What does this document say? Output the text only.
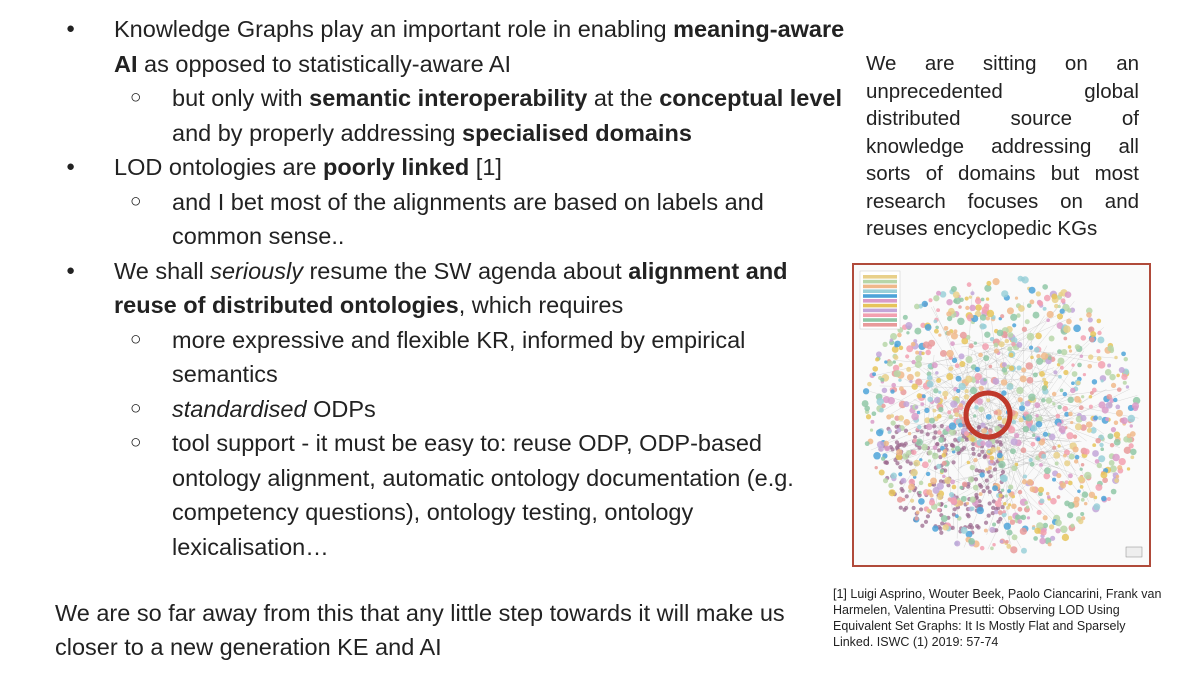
● Knowledge Graphs play an important role in enabling meaning-aware AI as opposed to statistically-aware AI
○ but only with semantic interoperability at the conceptual level and by properly addressing specialised domains
● LOD ontologies are poorly linked [1]
○ and I bet most of the alignments are based on labels and common sense..
● We shall seriously resume the SW agenda about alignment and reuse of distributed ontologies, which requires
○ more expressive and flexible KR, informed by empirical semantics
○ standardised ODPs
○ tool support - it must be easy to: reuse ODP, ODP-based ontology alignment, automatic ontology documentation (e.g. competency questions), ontology testing, ontology lexicalisation…
We are sitting on an unprecedented global distributed source of knowledge addressing all sorts of domains but most research focuses on and reuses encyclopedic KGs
[1] Luigi Asprino, Wouter Beek, Paolo Ciancarini, Frank van Harmelen, Valentina Presutti: Observing LOD Using Equivalent Set Graphs: It Is Mostly Flat and Sparsely Linked. ISWC (1) 2019: 57-74
We are so far away from this that any little step towards it will make us closer to a new generation KE and AI
